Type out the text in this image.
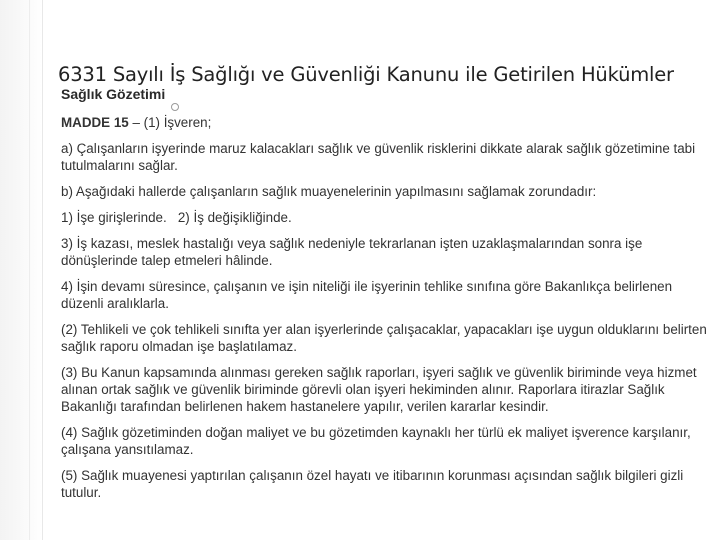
6331 Sayılı İş Sağlığı ve Güvenliği Kanunu ile Getirilen Hükümler
Sağlık Gözetimi

MADDE 15 – (1) İşveren;

a) Çalışanların işyerinde maruz kalacakları sağlık ve güvenlik risklerini dikkate alarak sağlık gözetimine tabi tutulmalarını sağlar.

b) Aşağıdaki hallerde çalışanların sağlık muayenelerinin yapılmasını sağlamak zorundadır:

1) İşe girişlerinde.   2) İş değişikliğinde.

3) İş kazası, meslek hastalığı veya sağlık nedeniyle tekrarlanan işten uzaklaşmalarından sonra işe dönüşlerinde talep etmeleri hâlinde.

4) İşin devamı süresince, çalışanın ve işin niteliği ile işyerinin tehlike sınıfına göre Bakanlıkça belirlenen düzenli aralıklarla.

(2) Tehlikeli ve çok tehlikeli sınıfta yer alan işyerlerinde çalışacaklar, yapacakları işe uygun olduklarını belirten sağlık raporu olmadan işe başlatılamaz.

(3) Bu Kanun kapsamında alınması gereken sağlık raporları, işyeri sağlık ve güvenlik biriminde veya hizmet alınan ortak sağlık ve güvenlik biriminde görevli olan işyeri hekiminden alınır. Raporlara itirazlar Sağlık Bakanlığı tarafından belirlenen hakem hastanelere yapılır, verilen kararlar kesindir.

(4) Sağlık gözetiminden doğan maliyet ve bu gözetimden kaynaklı her türlü ek maliyet işverence karşılanır, çalışana yansıtılamaz.

(5) Sağlık muayenesi yaptırılan çalışanın özel hayatı ve itibarının korunması açısından sağlık bilgileri gizli tutulur.
